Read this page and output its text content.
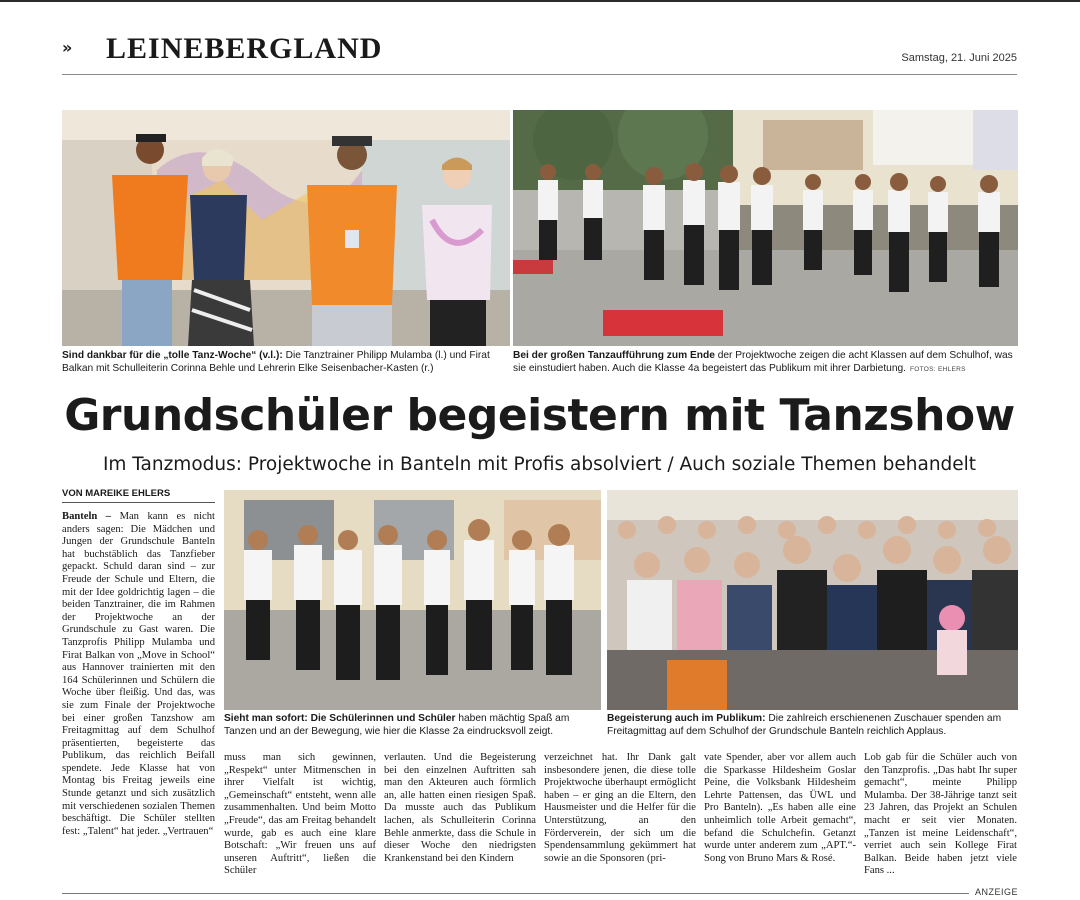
» LEINEBERGLAND	Samstag, 21. Juni 2025
Sind dankbar für die „tolle Tanz-Woche“ (v.l.): Die Tanztrainer Philipp Mulamba (l.) und Firat Balkan mit Schulleiterin Corinna Behle und Lehrerin Elke Seisenbacher-Kasten (r.)
Bei der großen Tanzaufführung zum Ende der Projektwoche zeigen die acht Klassen auf dem Schulhof, was sie einstudiert haben. Auch die Klasse 4a begeistert das Publikum mit ihrer Darbietung. FOTOS: EHLERS
Grundschüler begeistern mit Tanzshow
Im Tanzmodus: Projektwoche in Banteln mit Profis absolviert / Auch soziale Themen behandelt
VON MAREIKE EHLERS
Sieht man sofort: Die Schülerinnen und Schüler haben mächtig Spaß am Tanzen und an der Bewegung, wie hier die Klasse 2a eindrucksvoll zeigt.
Begeisterung auch im Publikum: Die zahlreich erschienenen Zuschauer spenden am Freitagmittag auf dem Schulhof der Grundschule Banteln reichlich Applaus.
Banteln – Man kann es nicht anders sagen: Die Mädchen und Jungen der Grundschule Banteln hat buchstäblich das Tanzfieber gepackt. Schuld daran sind – zur Freude der Schule und Eltern, die mit der Idee goldrichtig lagen – die beiden Tanztrainer, die im Rahmen der Projektwoche an der Grundschule zu Gast waren. Die Tanzprofis Philipp Mulamba und Firat Balkan von „Move in School“ aus Hannover trainierten mit den 164 Schülerinnen und Schülern die Woche über fleißig. Und das, was sie zum Finale der Projektwoche bei einer großen Tanzshow am Freitagmittag auf dem Schulhof präsentierten, begeisterte das Publikum, das reichlich Beifall spendete. Jede Klasse hat von Montag bis Freitag jeweils eine Stunde getanzt und sich zusätzlich mit verschiedenen sozialen Themen beschäftigt. Die Schüler stellten fest: „Talent“ hat jeder. „Vertrauen“
muss man sich gewinnen, „Respekt“ unter Mitmenschen in ihrer Vielfalt ist wichtig, „Gemeinschaft“ entsteht, wenn alle zusammenhalten. Und beim Motto „Freude“, das am Freitag behandelt wurde, gab es auch eine klare Botschaft: „Wir freuen uns auf unseren Auftritt“, ließen die Schüler
verlauten. Und die Begeisterung bei den einzelnen Auftritten sah man den Akteuren auch förmlich an, alle hatten einen riesigen Spaß. Da musste auch das Publikum lachen, als Schulleiterin Corinna Behle anmerkte, dass die Schule in dieser Woche den niedrigsten Krankenstand bei den Kindern
verzeichnet hat. Ihr Dank galt insbesondere jenen, die diese tolle Projektwoche überhaupt ermöglicht haben – er ging an die Eltern, den Hausmeister und die Helfer für die Unterstützung, an den Förderverein, der sich um die Spendensammlung gekümmert hat sowie an die Sponsoren (pri-
vate Spender, aber vor allem auch die Sparkasse Hildesheim Goslar Peine, die Volksbank Hildesheim Lehrte Pattensen, das ÜWL und Pro Banteln). „Es haben alle eine unheimlich tolle Arbeit gemacht“, befand die Schulchefin. Getanzt wurde unter anderem zum „APT.“-Song von Bruno Mars & Rosé.
Lob gab für die Schüler auch von den Tanzprofis. „Das habt Ihr super gemacht“, meinte Philipp Mulamba. Der 38-Jährige tanzt seit 23 Jahren, das Projekt an Schulen macht er seit vier Monaten. „Tanzen ist meine Leidenschaft“, verriet auch sein Kollege Firat Balkan. Beide haben jetzt viele Fans ...
ANZEIGE
